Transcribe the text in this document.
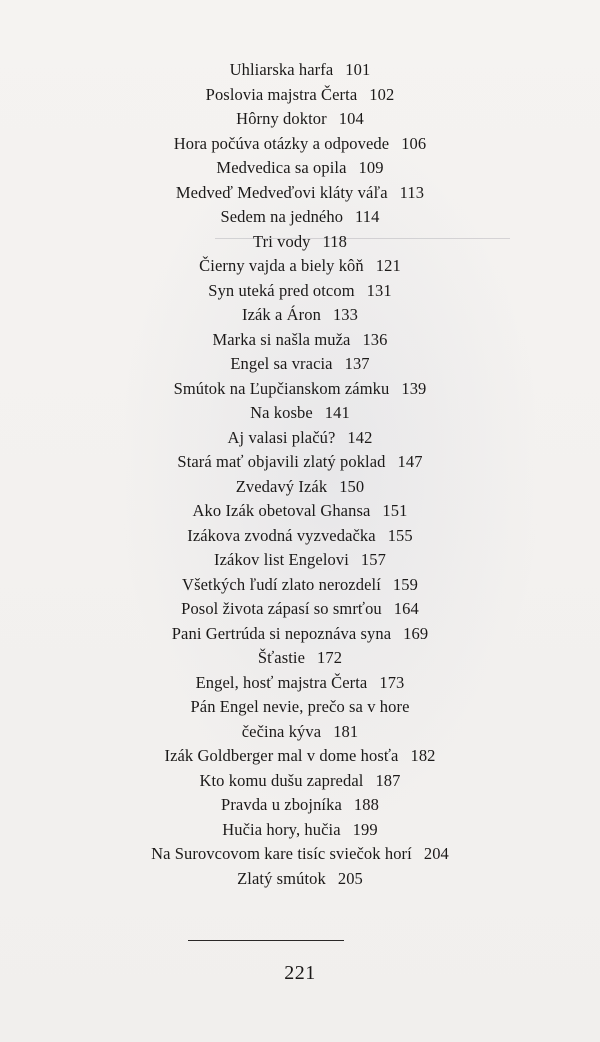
Uhliarska harfa 101
Poslovia majstra Čerta 102
Hôrny doktor 104
Hora počúva otázky a odpovede 106
Medvedica sa opila 109
Medveď Medveďovi kláty váľa 113
Sedem na jedného 114
Tri vody 118
Čierny vajda a biely kôň 121
Syn uteká pred otcom 131
Izák a Áron 133
Marka si našla muža 136
Engel sa vracia 137
Smútok na Ľupčianskom zámku 139
Na kosbe 141
Aj valasi plačú? 142
Stará mať objavili zlatý poklad 147
Zvedavý Izák 150
Ako Izák obetoval Ghansa 151
Izákova zvodná vyzvedačka 155
Izákov list Engelovi 157
Všetkých ľudí zlato nerozdelí 159
Posol života zápasí so smrťou 164
Pani Gertrúda si nepoznáva syna 169
Šťastie 172
Engel, hosť majstra Čerta 173
Pán Engel nevie, prečo sa v hore
čečina kýva 181
Izák Goldberger mal v dome hosťa 182
Kto komu dušu zapredal 187
Pravda u zbojníka 188
Hučia hory, hučia 199
Na Surovcovom kare tisíc sviečok horí 204
Zlatý smútok 205
221
